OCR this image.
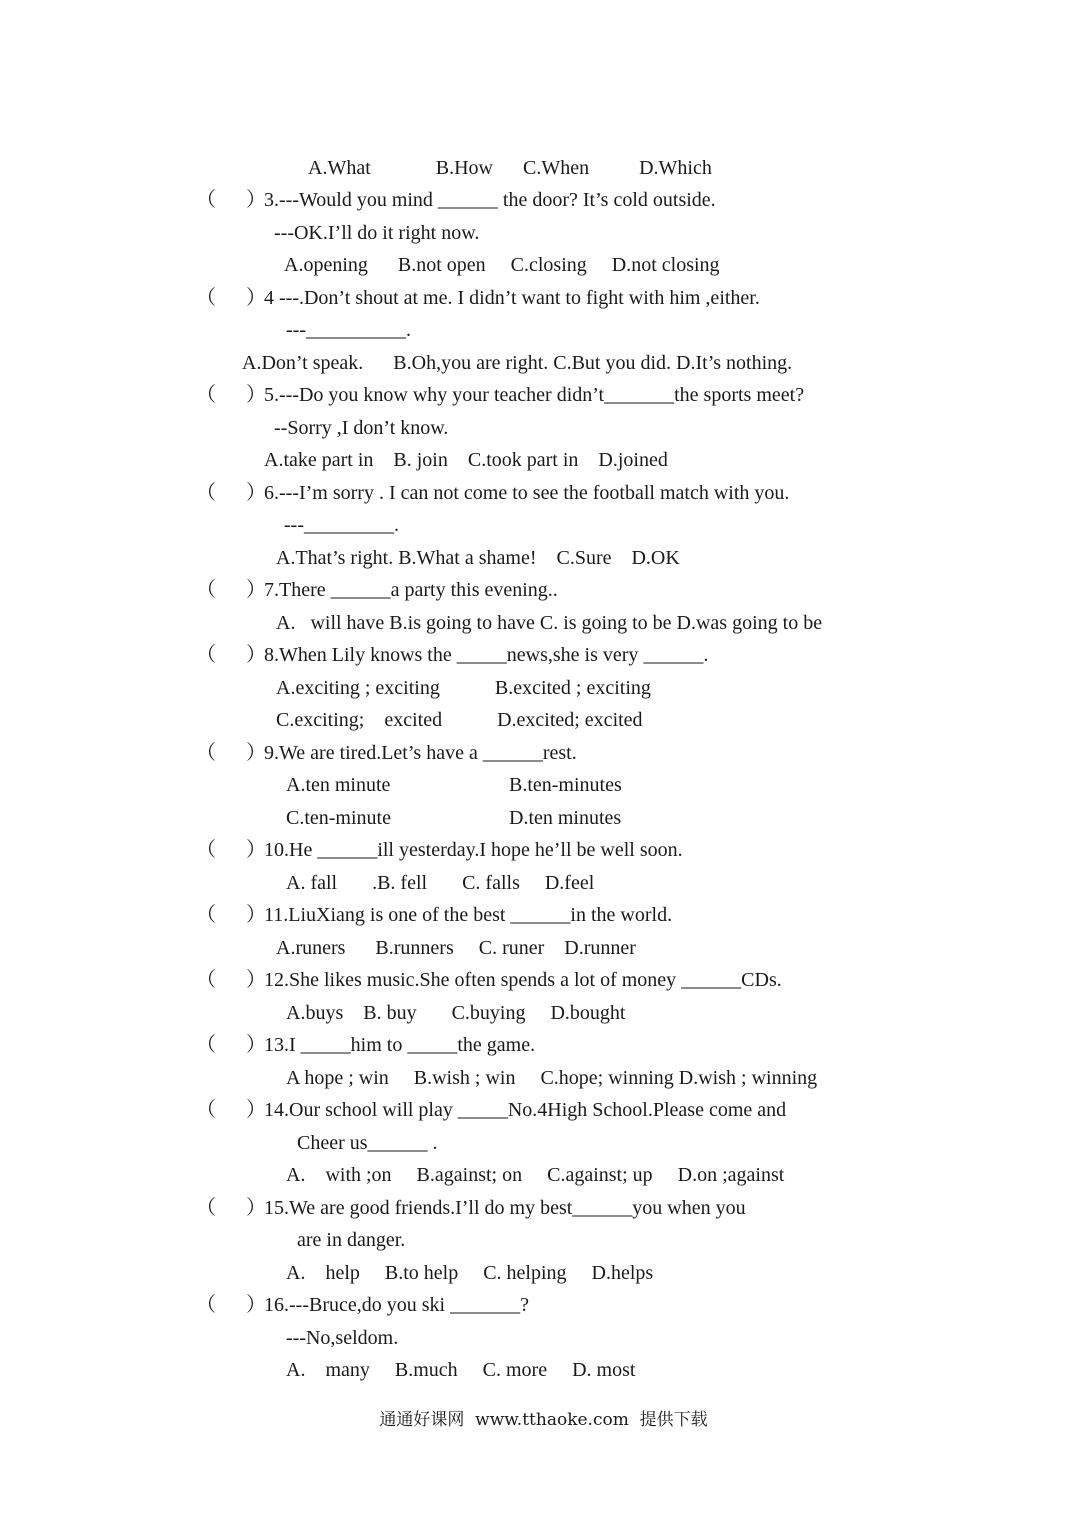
（      ）
（      ）
（      ）
（      ）
（      ）
（      ）
（      ）
（      ）
（      ）
（      ）
（      ）
（      ）
（      ）
（      ）
A.What             B.How      C.When          D.Which
3.---Would you mind ______ the door? It’s cold outside.
---OK.I’ll do it right now.
A.opening      B.not open     C.closing     D.not closing
4 ---.Don’t shout at me. I didn’t want to fight with him ,either.
---__________.
A.Don’t speak.      B.Oh,you are right. C.But you did. D.It’s nothing.
5.---Do you know why your teacher didn’t_______the sports meet?
--Sorry ,I don’t know.
A.take part in    B. join    C.took part in    D.joined
6.---I’m sorry . I can not come to see the football match with you.
---_________.
A.That’s right. B.What a shame!    C.Sure    D.OK
7.There ______a party this evening..
A.   will have B.is going to have C. is going to be D.was going to be
8.When Lily knows the _____news,she is very ______.
A.exciting ; exciting           B.excited ; exciting
C.exciting;    excited           D.excited; excited
9.We are tired.Let’s have a ______rest.
A.ten minute	B.ten-minutes
C.ten-minute	D.ten minutes
10.He ______ill yesterday.I hope he’ll be well soon.
A. fall       .B. fell       C. falls     D.feel
11.LiuXiang is one of the best ______in the world.
A.runers      B.runners     C. runer    D.runner
12.She likes music.She often spends a lot of money ______CDs.
A.buys    B. buy       C.buying     D.bought
13.I _____him to _____the game.
A hope ; win     B.wish ; win     C.hope; winning D.wish ; winning
14.Our school will play _____No.4High School.Please come and
Cheer us______ .
A.    with ;on     B.against; on     C.against; up     D.on ;against
15.We are good friends.I’ll do my best______you when you
are in danger.
A.    help     B.to help     C. helping     D.helps
16.---Bruce,do you ski _______?
---No,seldom.
A.    many     B.much     C. more     D. most
通通好课网  www.tthaoke.com  提供下载
